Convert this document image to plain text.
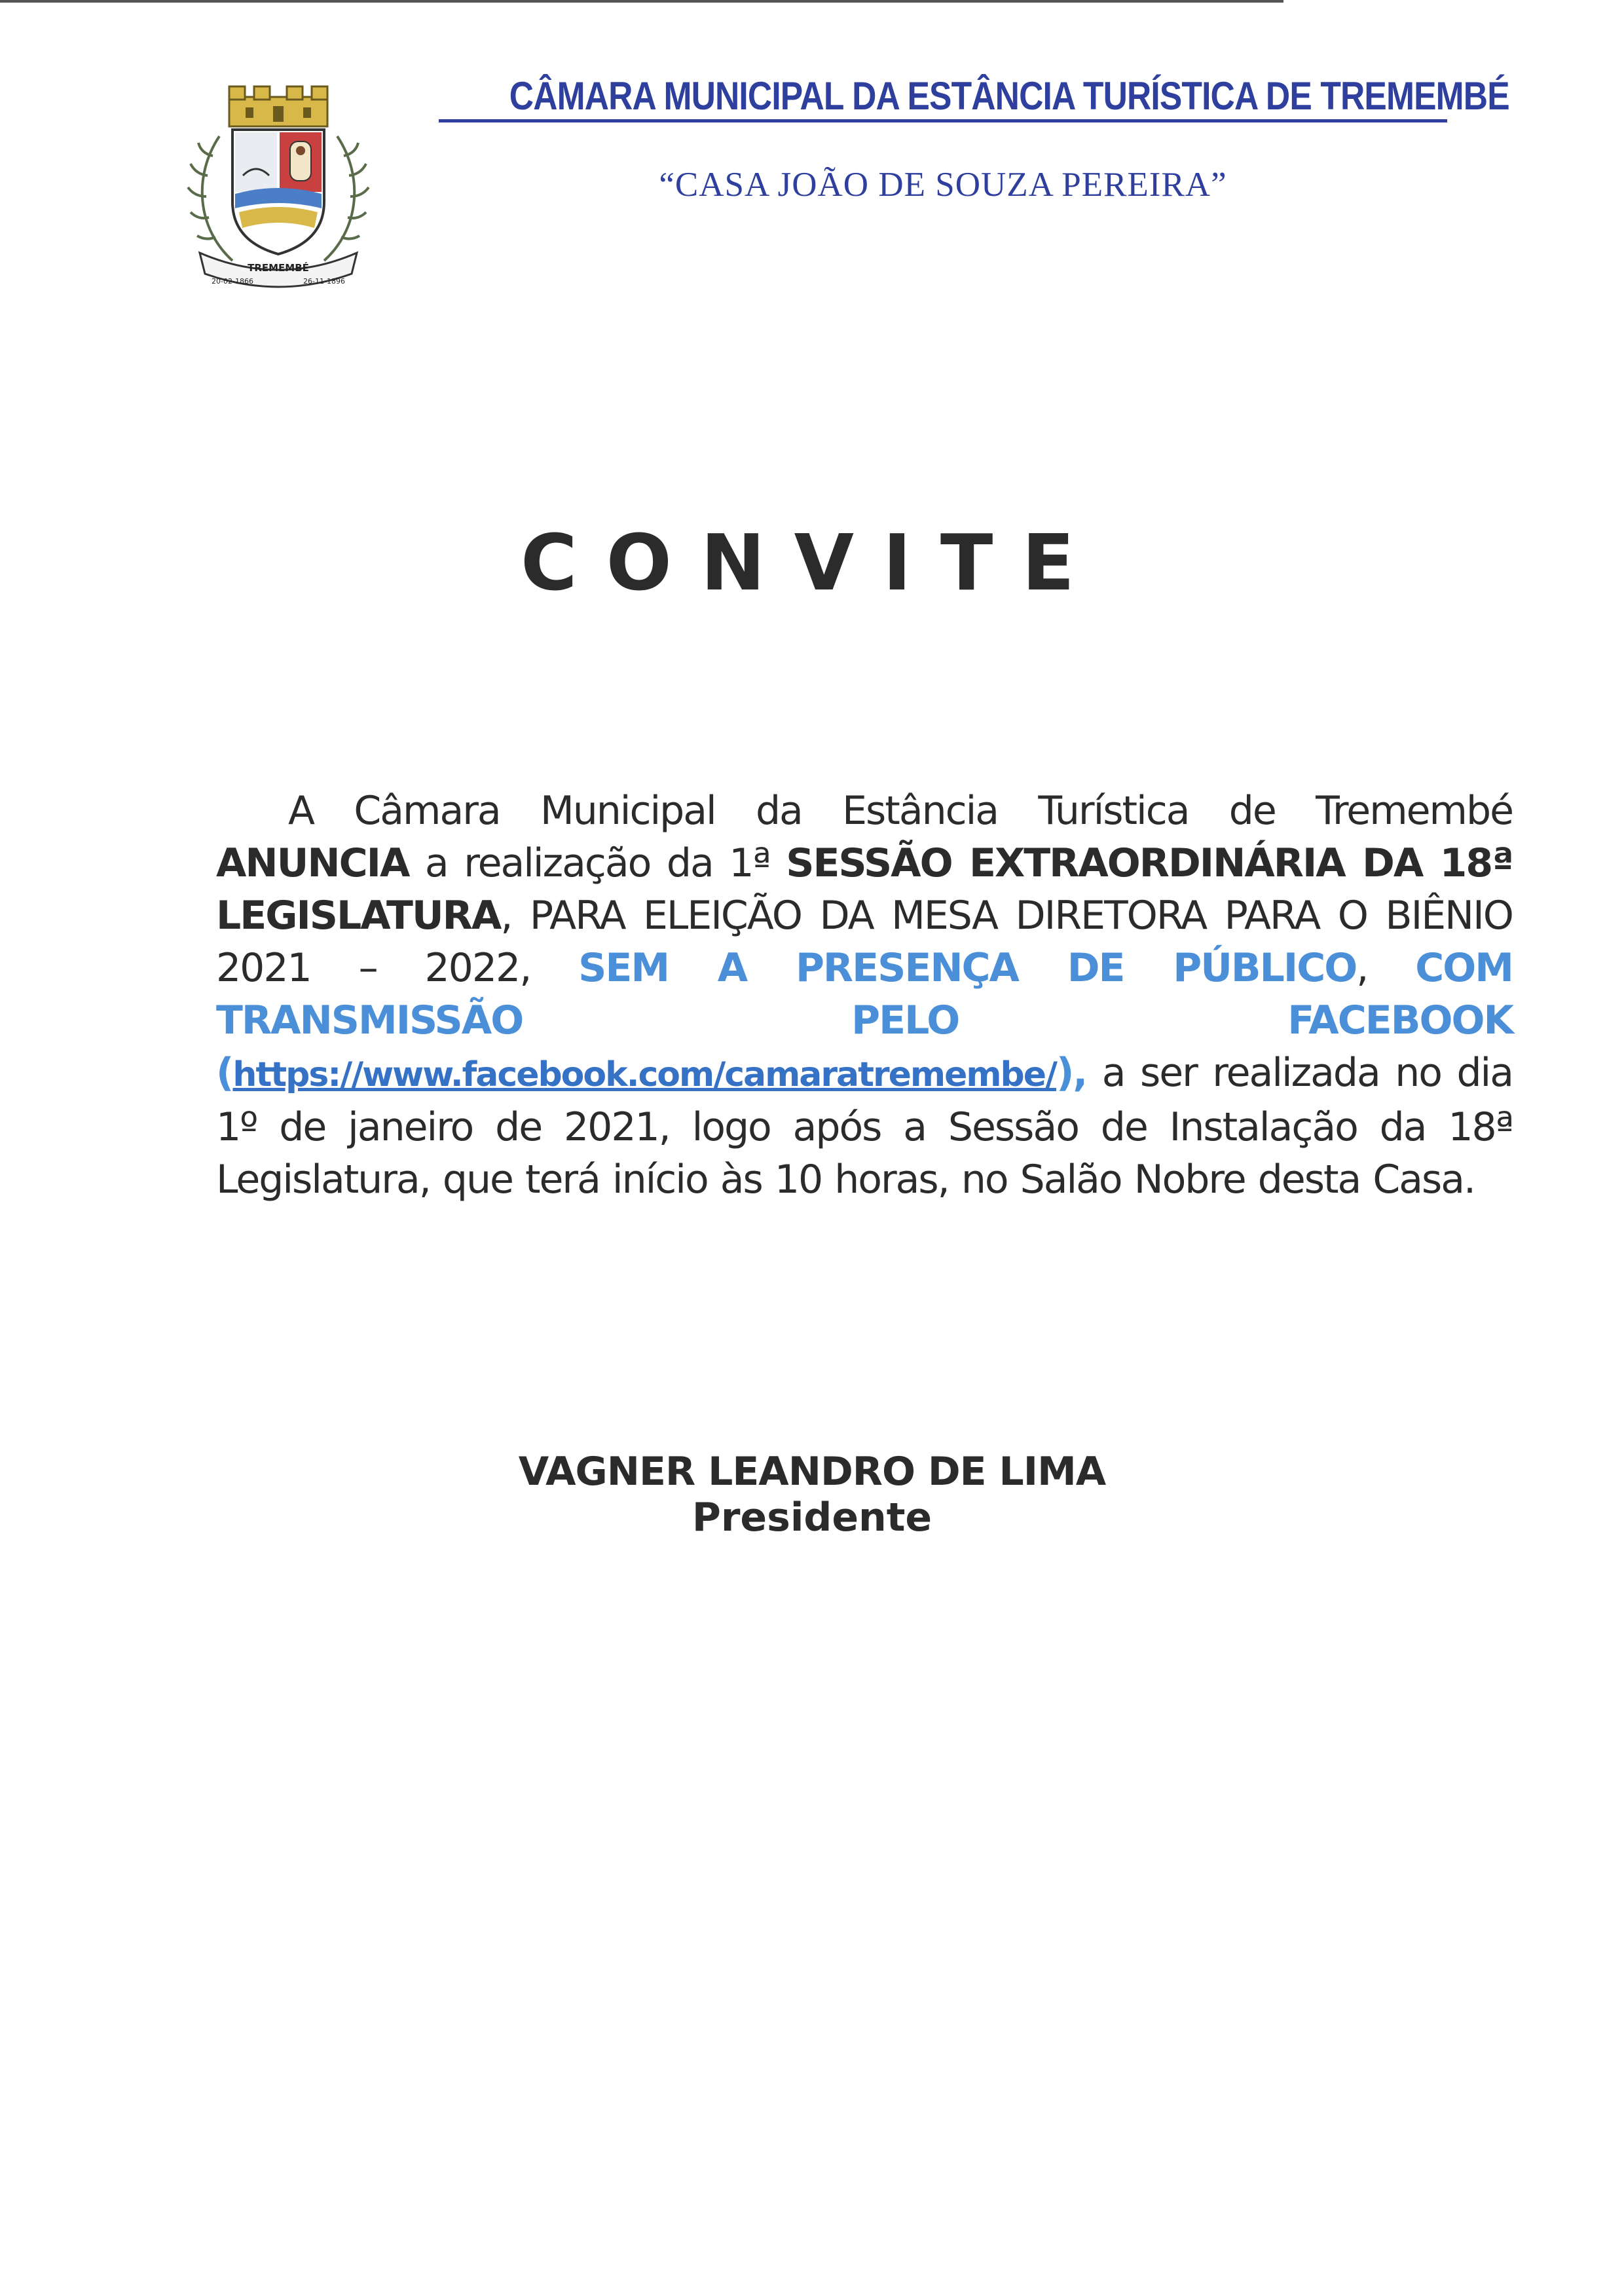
TREMEMBÉ
20-02-1866	26-11-1896
CÂMARA MUNICIPAL DA ESTÂNCIA TURÍSTICA DE TREMEMBÉ
“CASA JOÃO DE SOUZA PEREIRA”
CONVITE
A Câmara Municipal da Estância Turística de Tremembé ANUNCIA a realização da 1ª SESSÃO EXTRAORDINÁRIA DA 18ª LEGISLATURA, PARA ELEIÇÃO DA MESA DIRETORA PARA O BIÊNIO 2021 – 2022, SEM A PRESENÇA DE PÚBLICO, COM TRANSMISSÃO PELO FACEBOOK (https://www.facebook.com/camaratremembe/), a ser realizada no dia 1º de janeiro de 2021, logo após a Sessão de Instalação da 18ª Legislatura, que terá início às 10 horas, no Salão Nobre desta Casa.
VAGNER LEANDRO DE LIMA
Presidente
